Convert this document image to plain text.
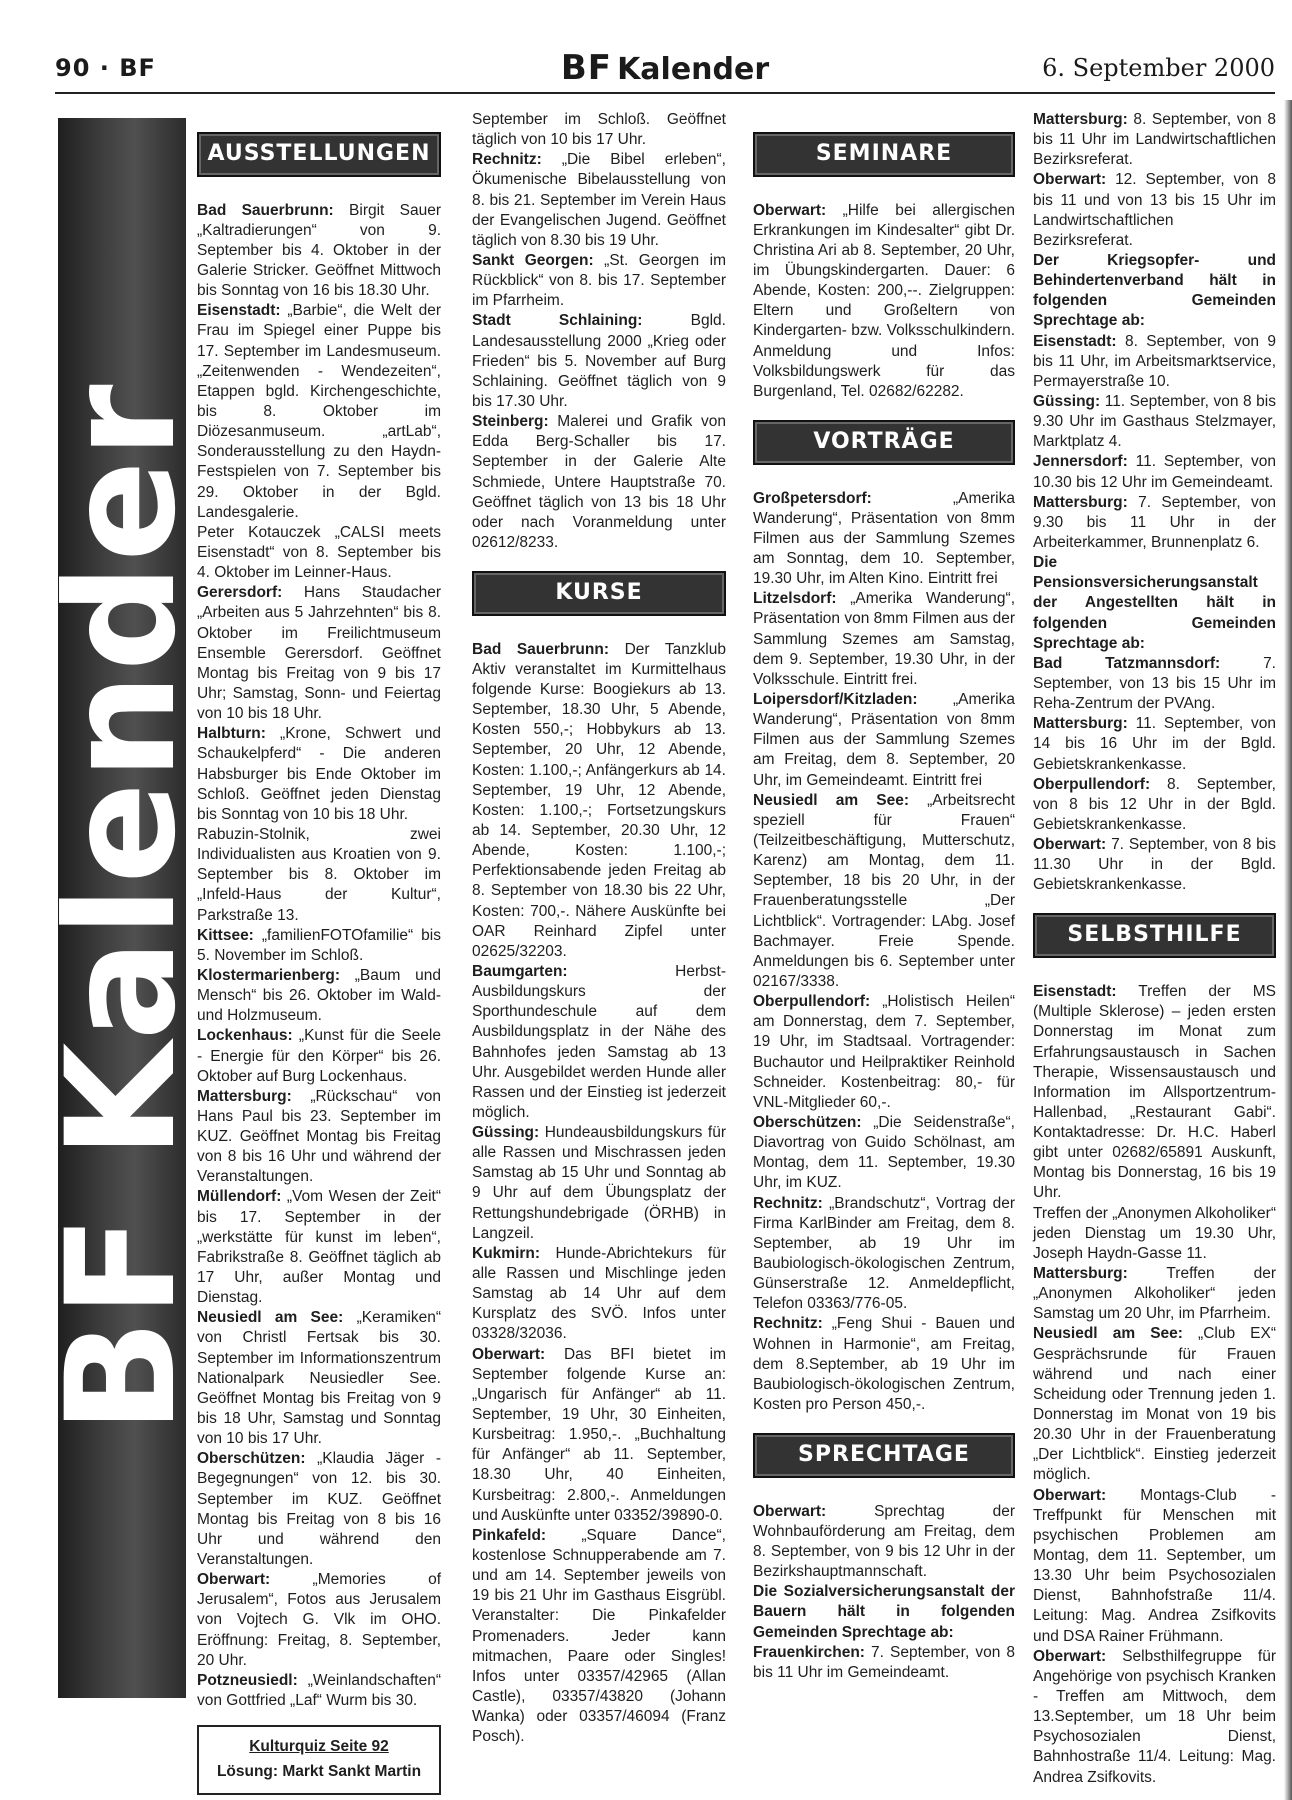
90 · BF	BF Kalender	6. September 2000
BF Kalender
AUSSTELLUNGEN

Bad Sauerbrunn: Birgit Sauer „Kaltradierungen“ von 9. September bis 4. Oktober in der Galerie Stricker. Geöffnet Mittwoch bis Sonntag von 16 bis 18.30 Uhr.

Eisenstadt: „Barbie“, die Welt der Frau im Spiegel einer Puppe bis 17. September im Landesmuseum. „Zeitenwenden - Wendezeiten“, Etappen bgld. Kirchengeschichte, bis 8. Oktober im Diözesanmuseum. „artLab“, Sonderausstellung zu den Haydn-Festspielen von 7. September bis 29. Oktober in der Bgld. Landesgalerie.

Peter Kotauczek „CALSI meets Eisenstadt“ von 8. September bis 4. Oktober im Leinner-Haus.

Gerersdorf: Hans Staudacher „Arbeiten aus 5 Jahrzehnten“ bis 8. Oktober im Freilichtmuseum Ensemble Gerersdorf. Geöffnet Montag bis Freitag von 9 bis 17 Uhr; Samstag, Sonn- und Feiertag von 10 bis 18 Uhr.

Halbturn: „Krone, Schwert und Schaukelpferd“ - Die anderen Habsburger bis Ende Oktober im Schloß. Geöffnet jeden Dienstag bis Sonntag von 10 bis 18 Uhr.

Rabuzin-Stolnik, zwei Individualisten aus Kroatien von 9. September bis 8. Oktober im „Infeld-Haus der Kultur“, Parkstraße 13.

Kittsee: „familienFOTOfamilie“ bis 5. November im Schloß.

Klostermarienberg: „Baum und Mensch“ bis 26. Oktober im Wald- und Holzmuseum.

Lockenhaus: „Kunst für die Seele - Energie für den Körper“ bis 26. Oktober auf Burg Lockenhaus.

Mattersburg: „Rückschau“ von Hans Paul bis 23. September im KUZ. Geöffnet Montag bis Freitag von 8 bis 16 Uhr und während der Veranstaltungen.

Müllendorf: „Vom Wesen der Zeit“ bis 17. September in der „werkstätte für kunst im leben“, Fabrikstraße 8. Geöffnet täglich ab 17 Uhr, außer Montag und Dienstag.

Neusiedl am See: „Keramiken“ von Christl Fertsak bis 30. September im Informationszentrum Nationalpark Neusiedler See. Geöffnet Montag bis Freitag von 9 bis 18 Uhr, Samstag und Sonntag von 10 bis 17 Uhr.

Oberschützen: „Klaudia Jäger - Begegnungen“ von 12. bis 30. September im KUZ. Geöffnet Montag bis Freitag von 8 bis 16 Uhr und während den Veranstaltungen.

Oberwart:	„Memories of Jerusalem“, Fotos aus Jerusalem von Vojtech G. Vlk im OHO. Eröffnung: Freitag, 8. September, 20 Uhr.

Potzneusiedl: „Weinlandschaften“ von Gottfried „Laf“ Wurm bis 30.

Kulturquiz Seite 92
Lösung: Markt Sankt Martin

September im Schloß. Geöffnet täglich von 10 bis 17 Uhr.

Rechnitz: „Die Bibel erleben“, Ökumenische Bibelausstellung von 8. bis 21. September im Verein Haus der Evangelischen Jugend. Geöffnet täglich von 8.30 bis 19 Uhr.

Sankt Georgen: „St. Georgen im Rückblick“ von 8. bis 17. September im Pfarrheim.

Stadt Schlaining:	Bgld. Landesausstellung 2000 „Krieg oder Frieden“ bis 5. November auf Burg Schlaining. Geöffnet täglich von 9 bis 17.30 Uhr.

Steinberg: Malerei und Grafik von Edda Berg-Schaller bis 17. September in der Galerie Alte Schmiede, Untere Hauptstraße 70. Geöffnet täglich von 13 bis 18 Uhr oder nach Voranmeldung unter 02612/8233.

KURSE

Bad Sauerbrunn: Der Tanzklub Aktiv veranstaltet im Kurmittelhaus folgende Kurse: Boogiekurs ab 13. September, 18.30 Uhr, 5 Abende, Kosten 550,-; Hobbykurs ab 13. September, 20 Uhr, 12 Abende, Kosten: 1.100,-; Anfängerkurs ab 14. September, 19 Uhr, 12 Abende, Kosten: 1.100,-; Fortsetzungskurs ab 14. September, 20.30 Uhr, 12 Abende, Kosten: 1.100,-; Perfektionsabende jeden Freitag ab 8. September von 18.30 bis 22 Uhr, Kosten: 700,-. Nähere Auskünfte bei OAR Reinhard Zipfel unter 02625/32203.

Baumgarten:	Herbst-Ausbildungskurs der Sporthundeschule auf dem Ausbildungsplatz in der Nähe des Bahnhofes jeden Samstag ab 13 Uhr. Ausgebildet werden Hunde aller Rassen und der Einstieg ist jederzeit möglich.

Güssing: Hundeausbildungskurs für alle Rassen und Mischrassen jeden Samstag ab 15 Uhr und Sonntag ab 9 Uhr auf dem Übungsplatz der Rettungshundebrigade (ÖRHB) in Langzeil.

Kukmirn: Hunde-Abrichtekurs für alle Rassen und Mischlinge jeden Samstag ab 14 Uhr auf dem Kursplatz des SVÖ. Infos unter 03328/32036.

Oberwart: Das BFI bietet im September folgende Kurse an: „Ungarisch für Anfänger“ ab 11. September, 19 Uhr, 30 Einheiten, Kursbeitrag: 1.950,-. „Buchhaltung für Anfänger“ ab 11. September, 18.30 Uhr, 40 Einheiten, Kursbeitrag: 2.800,-. Anmeldungen und Auskünfte unter 03352/39890-0.

Pinkafeld: „Square Dance“, kostenlose Schnupperabende am 7. und am 14. September jeweils von 19 bis 21 Uhr im Gasthaus Eisgrübl. Veranstalter: Die Pinkafelder Promenaders. Jeder kann mitmachen, Paare oder Singles! Infos unter 03357/42965 (Allan Castle), 03357/43820 (Johann Wanka) oder 03357/46094 (Franz Posch).

SEMINARE

Oberwart: „Hilfe bei allergischen Erkrankungen im Kindesalter“ gibt Dr. Christina Ari ab 8. September, 20 Uhr, im Übungskindergarten. Dauer: 6 Abende, Kosten: 200,--. Zielgruppen: Eltern und Großeltern von Kindergarten- bzw. Volksschulkindern. Anmeldung und Infos: Volksbildungswerk für das Burgenland, Tel. 02682/62282.

VORTRÄGE

Großpetersdorf:	„Amerika Wanderung“, Präsentation von 8mm Filmen aus der Sammlung Szemes am Sonntag, dem 10. September, 19.30 Uhr, im Alten Kino. Eintritt frei

Litzelsdorf: „Amerika Wanderung“, Präsentation von 8mm Filmen aus der Sammlung Szemes am Samstag, dem 9. September, 19.30 Uhr, in der Volksschule. Eintritt frei.

Loipersdorf/Kitzladen: „Amerika Wanderung“, Präsentation von 8mm Filmen aus der Sammlung Szemes am Freitag, dem 8. September, 20 Uhr, im Gemeindeamt. Eintritt frei

Neusiedl am See: „Arbeitsrecht speziell für Frauen“ (Teilzeitbeschäftigung, Mutterschutz, Karenz) am Montag, dem 11. September, 18 bis 20 Uhr, in der Frauenberatungsstelle „Der Lichtblick“. Vortragender: LAbg. Josef Bachmayer. Freie Spende. Anmeldungen bis 6. September unter 02167/3338.

Oberpullendorf: „Holistisch Heilen“ am Donnerstag, dem 7. September, 19 Uhr, im Stadtsaal. Vortragender: Buchautor und Heilpraktiker Reinhold Schneider. Kostenbeitrag: 80,- für VNL-Mitglieder 60,-.

Oberschützen: „Die Seidenstraße“, Diavortrag von Guido Schölnast, am Montag, dem 11. September, 19.30 Uhr, im KUZ.

Rechnitz: „Brandschutz“, Vortrag der Firma KarlBinder am Freitag, dem 8. September, ab 19 Uhr im Baubiologisch-ökologischen Zentrum, Günserstraße 12. Anmeldepflicht, Telefon 03363/776-05.

Rechnitz: „Feng Shui - Bauen und Wohnen in Harmonie“, am Freitag, dem 8.September, ab 19 Uhr im Baubiologisch-ökologischen Zentrum, Kosten pro Person 450,-.

SPRECHTAGE

Oberwart:	Sprechtag der Wohnbauförderung am Freitag, dem 8. September, von 9 bis 12 Uhr in der Bezirkshauptmannschaft.

Die Sozialversicherungsanstalt der Bauern hält in folgenden Gemeinden Sprechtage ab:

Frauenkirchen: 7. September, von 8 bis 11 Uhr im Gemeindeamt.

Mattersburg: 8. September, von 8 bis 11 Uhr im Landwirtschaftlichen Bezirksreferat.

Oberwart: 12. September, von 8 bis 11 und von 13 bis 15 Uhr im Landwirtschaftlichen Bezirksreferat.

Der Kriegsopfer- und Behindertenverband hält in folgenden Gemeinden Sprechtage ab:

Eisenstadt: 8. September, von 9 bis 11 Uhr, im Arbeitsmarktservice, Permayerstraße 10.

Güssing: 11. September, von 8 bis 9.30 Uhr im Gasthaus Stelzmayer, Marktplatz 4.

Jennersdorf: 11. September, von 10.30 bis 12 Uhr im Gemeindeamt.

Mattersburg: 7. September, von 9.30 bis 11 Uhr in der Arbeiterkammer, Brunnenplatz 6.

Die Pensionsversicherungsanstalt der Angestellten hält in folgenden Gemeinden Sprechtage ab:

Bad Tatzmannsdorf:	7. September, von 13 bis 15 Uhr im Reha-Zentrum der PVAng.

Mattersburg: 11. September, von 14 bis 16 Uhr im der Bgld. Gebietskrankenkasse.

Oberpullendorf: 8. September, von 8 bis 12 Uhr in der Bgld. Gebietskrankenkasse.

Oberwart: 7. September, von 8 bis 11.30 Uhr in der Bgld. Gebietskrankenkasse.

SELBSTHILFE

Eisenstadt: Treffen der MS (Multiple Sklerose) – jeden ersten Donnerstag im Monat zum Erfahrungsaustausch in Sachen Therapie, Wissensaustausch und Information im Allsportzentrum- Hallenbad, „Restaurant Gabi“. Kontaktadresse: Dr. H.C. Haberl gibt unter 02682/65891 Auskunft, Montag bis Donnerstag, 16 bis 19 Uhr.

Treffen der „Anonymen Alkoholiker“ jeden Dienstag um 19.30 Uhr, Joseph Haydn-Gasse 11.

Mattersburg: Treffen der „Anonymen Alkoholiker“ jeden Samstag um 20 Uhr, im Pfarrheim.

Neusiedl am See: „Club EX“ Gesprächsrunde für Frauen während und nach einer Scheidung oder Trennung jeden 1. Donnerstag im Monat von 19 bis 20.30 Uhr in der Frauenberatung „Der Lichtblick“. Einstieg jederzeit möglich.

Oberwart: Montags-Club - Treffpunkt für Menschen mit psychischen Problemen am Montag, dem 11. September, um 13.30 Uhr beim Psychosozialen Dienst, Bahnhofstraße 11/4. Leitung: Mag. Andrea Zsifkovits und DSA Rainer Frühmann.

Oberwart: Selbsthilfegruppe für Angehörige von psychisch Kranken - Treffen am Mittwoch, dem 13.September, um 18 Uhr beim Psychosozialen Dienst, Bahnhostraße 11/4. Leitung: Mag. Andrea Zsifkovits.
